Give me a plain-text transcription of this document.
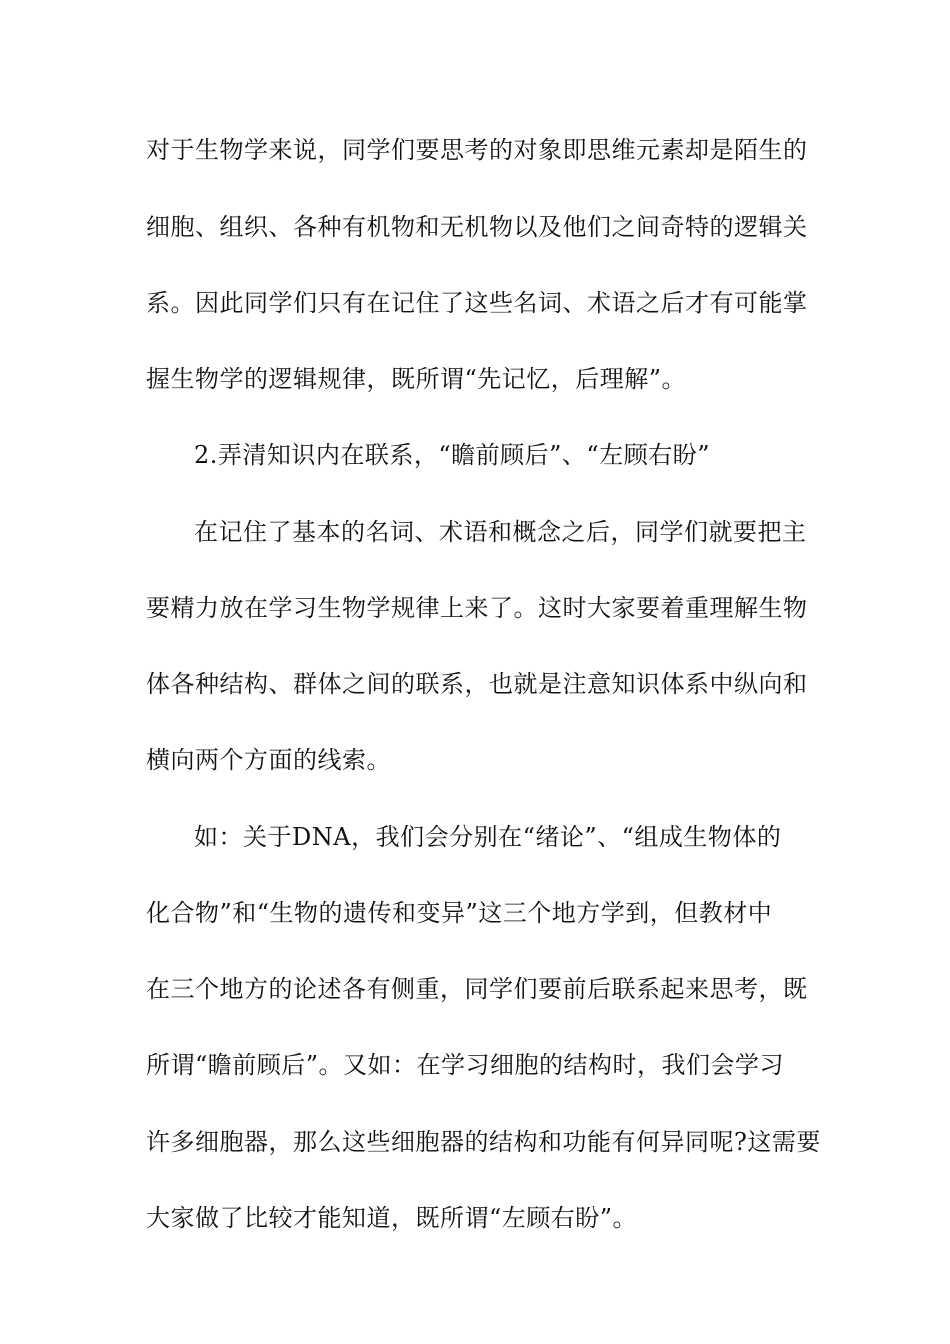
对于生物学来说，同学们要思考的对象即思维元素却是陌生的
细胞、组织、各种有机物和无机物以及他们之间奇特的逻辑关
系。因此同学们只有在记住了这些名词、术语之后才有可能掌
握生物学的逻辑规律，既所谓“先记忆，后理解”。
2.弄清知识内在联系，“瞻前顾后”、“左顾右盼”
在记住了基本的名词、术语和概念之后，同学们就要把主
要精力放在学习生物学规律上来了。这时大家要着重理解生物
体各种结构、群体之间的联系，也就是注意知识体系中纵向和
横向两个方面的线索。
如：关于DNA，我们会分别在“绪论”、“组成生物体的
化合物”和“生物的遗传和变异”这三个地方学到，但教材中
在三个地方的论述各有侧重，同学们要前后联系起来思考，既
所谓“瞻前顾后”。又如：在学习细胞的结构时，我们会学习
许多细胞器，那么这些细胞器的结构和功能有何异同呢?这需要
大家做了比较才能知道，既所谓“左顾右盼”。
